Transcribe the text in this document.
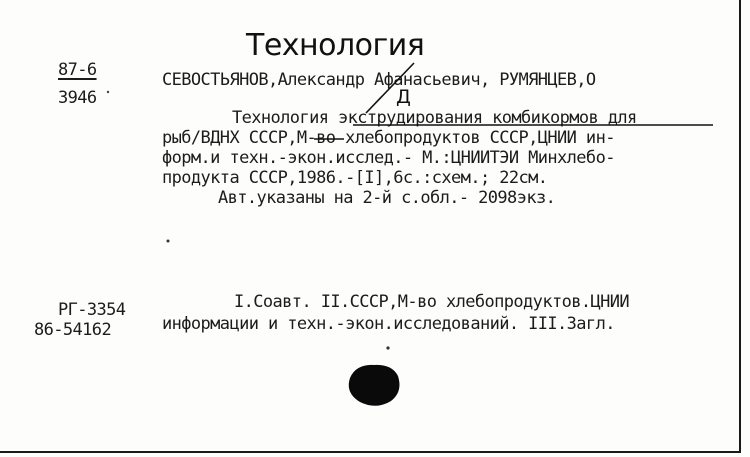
Технология
87-6
3946
СЕВОСТЬЯНОВ,Александр Афанасьевич, РУМЯНЦЕВ,О
Д
Технология экструдирования комбикормов для
рыб/ВДНХ СССР,М-во хлебопродуктов СССР,ЦНИИ ин-
форм.и техн.-экон.исслед.- М.:ЦНИИТЭИ Минхлебо-
продукта СССР,1986.-[I],6с.:схем.; 22см.
Авт.указаны на 2-й с.обл.- 2098экз.
РГ-3354
86-54162
I.Соавт. II.СССР,М-во хлебопродуктов.ЦНИИ
информации и техн.-экон.исследований. III.Загл.
